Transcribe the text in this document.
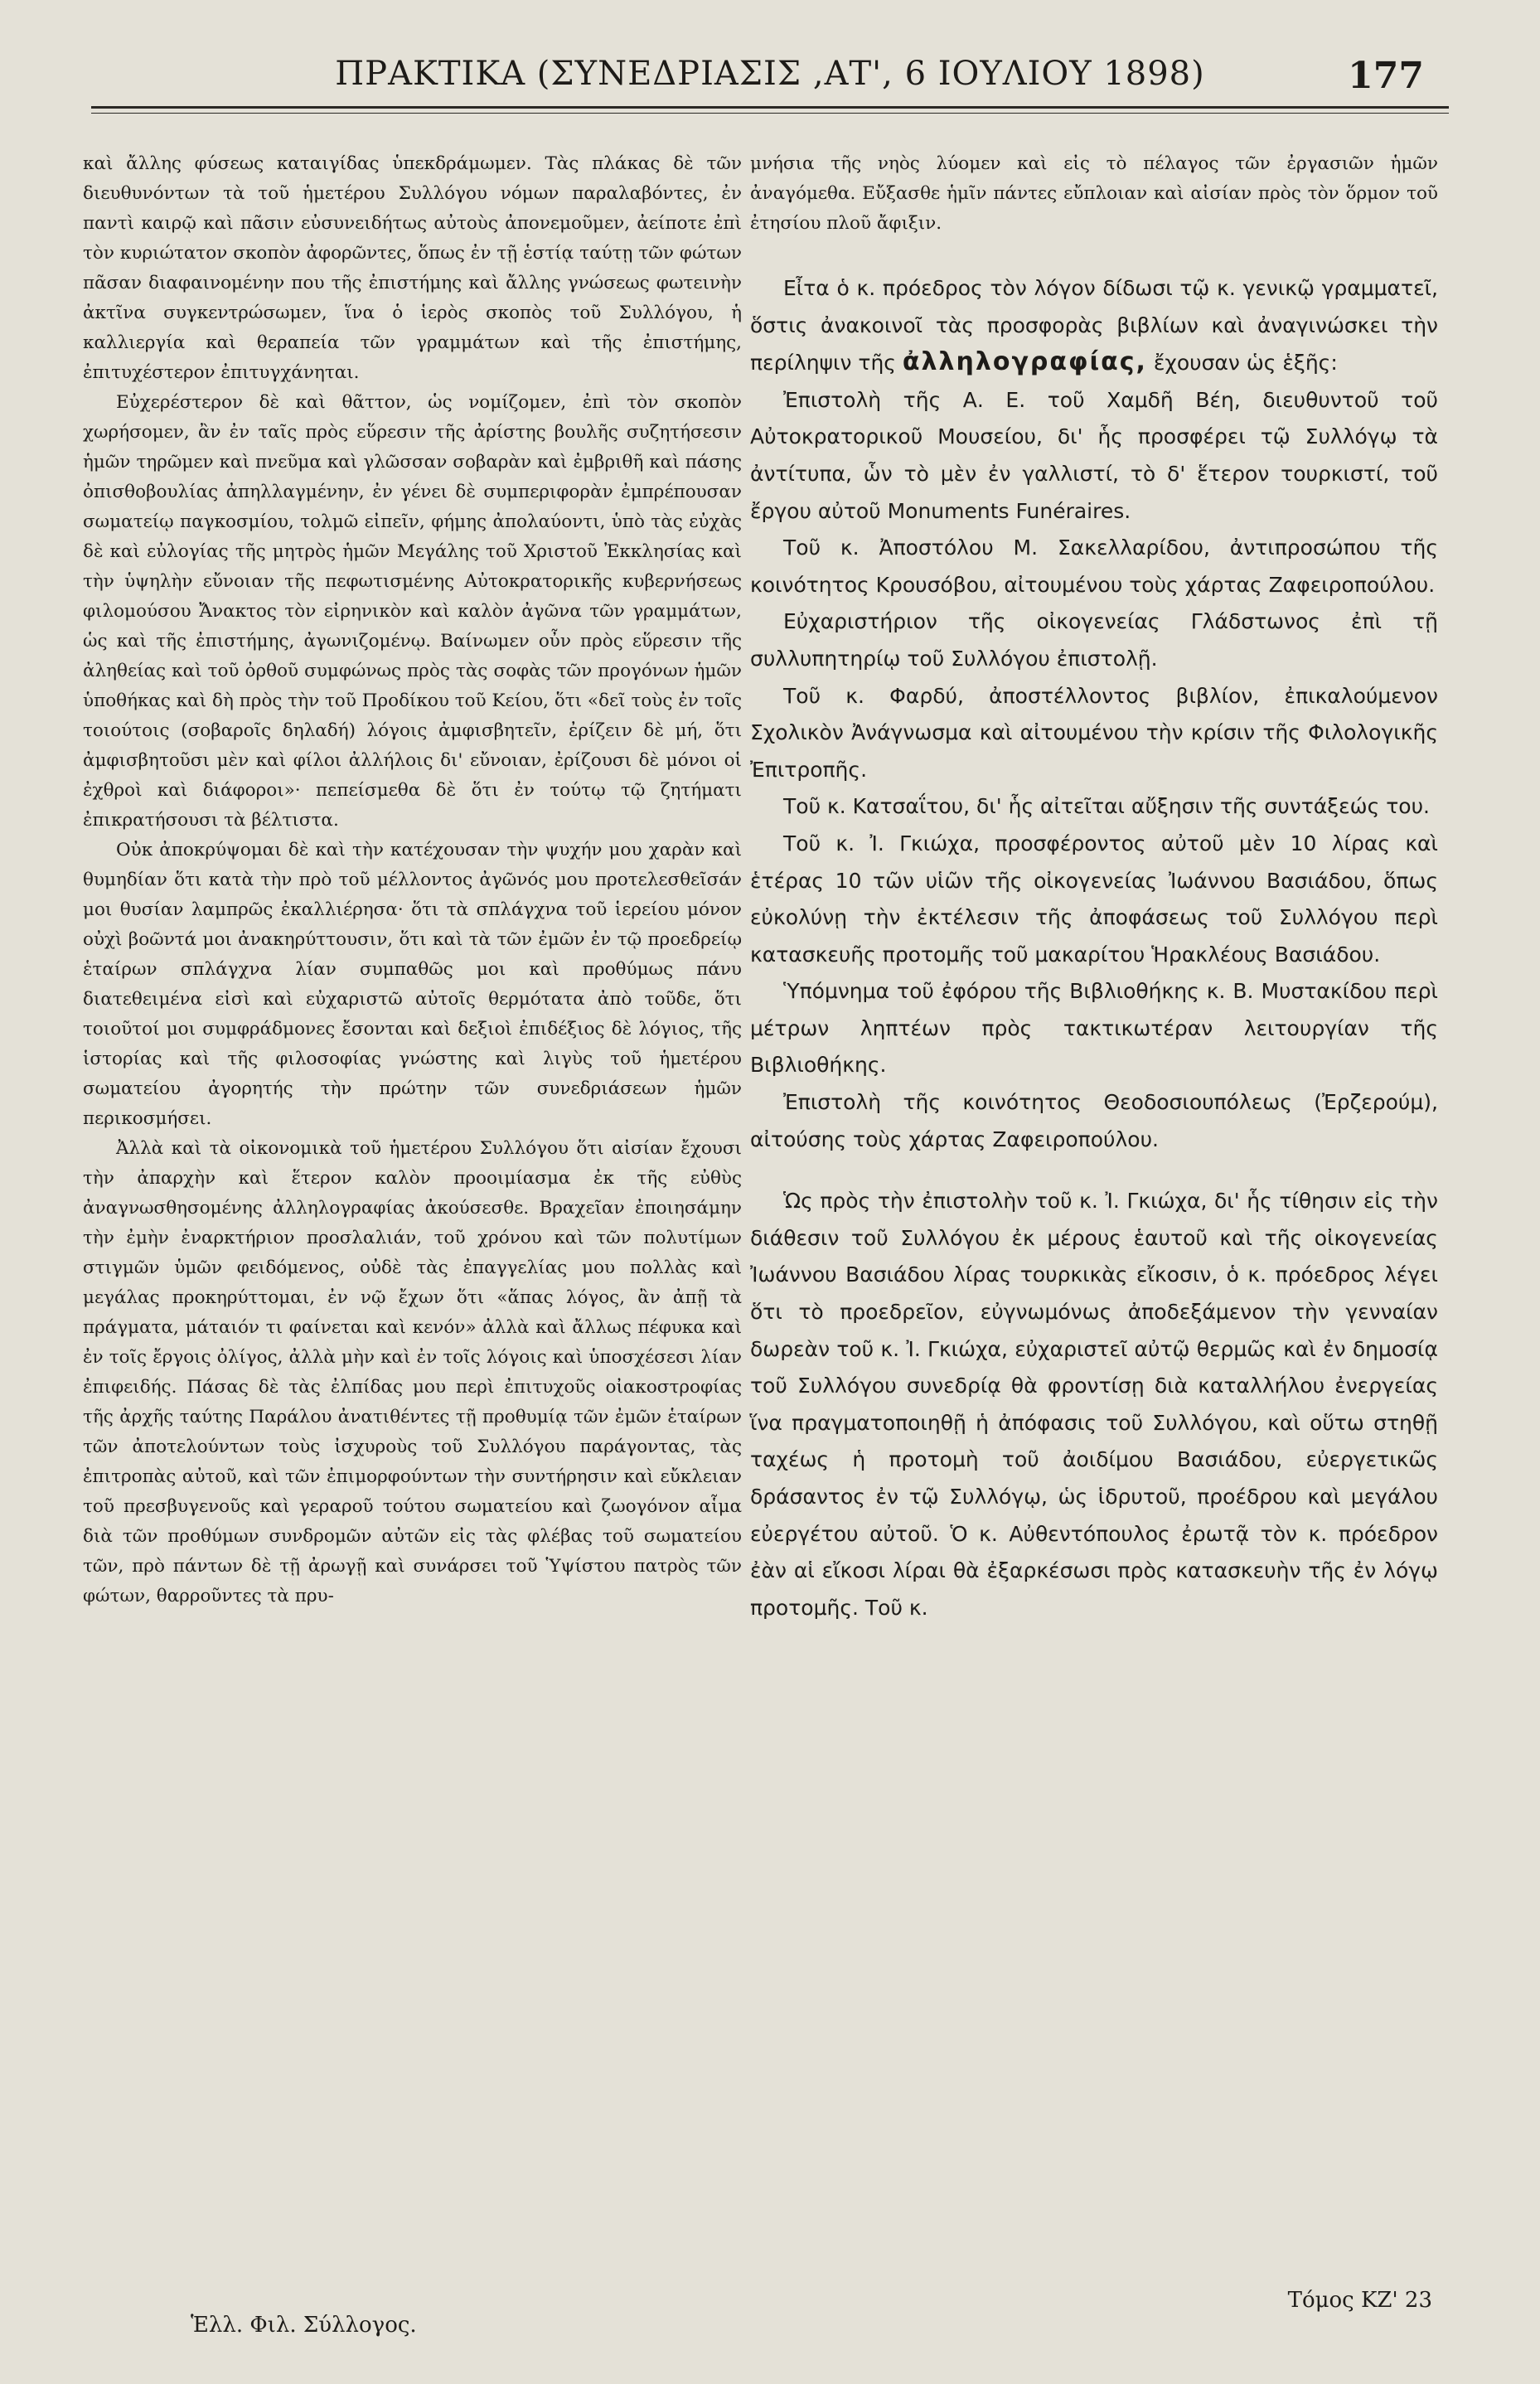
ΠΡΑΚΤΙΚΑ (ΣΥΝΕΔΡΙΑΣΙΣ ,ΑΤ', 6 ΙΟΥΛΙΟΥ 1898)	177

καὶ ἄλλης φύσεως καταιγίδας ὑπεκδράμωμεν. Τὰς πλάκας δὲ τῶν διευθυνόντων τὰ τοῦ ἡμετέρου Συλλόγου νόμων παραλαβόντες, ἐν παντὶ καιρῷ καὶ πᾶσιν εὐσυνειδήτως αὐτοὺς ἀπονεμοῦμεν, ἀείποτε ἐπὶ τὸν κυριώτατον σκοπὸν ἀφορῶντες, ὅπως ἐν τῇ ἑστίᾳ ταύτῃ τῶν φώτων πᾶσαν διαφαινομένην που τῆς ἐπιστήμης καὶ ἄλλης γνώσεως φωτεινὴν ἀκτῖνα συγκεντρώσωμεν, ἵνα ὁ ἱερὸς σκοπὸς τοῦ Συλλόγου, ἡ καλλιεργία καὶ θεραπεία τῶν γραμμάτων καὶ τῆς ἐπιστήμης, ἐπιτυχέστερον ἐπιτυγχάνηται.

Εὐχερέστερον δὲ καὶ θᾶττον, ὡς νομίζομεν, ἐπὶ τὸν σκοπὸν χωρήσομεν, ἂν ἐν ταῖς πρὸς εὕρεσιν τῆς ἀρίστης βουλῆς συζητήσεσιν ἡμῶν τηρῶμεν καὶ πνεῦμα καὶ γλῶσσαν σοβαρὰν καὶ ἐμβριθῆ καὶ πάσης ὀπισθοβουλίας ἀπηλλαγμένην, ἐν γένει δὲ συμπεριφορὰν ἐμπρέπουσαν σωματείῳ παγκοσμίου, τολμῶ εἰπεῖν, φήμης ἀπολαύοντι, ὑπὸ τὰς εὐχὰς δὲ καὶ εὐλογίας τῆς μητρὸς ἡμῶν Μεγάλης τοῦ Χριστοῦ Ἐκκλησίας καὶ τὴν ὑψηλὴν εὔνοιαν τῆς πεφωτισμένης Αὐτοκρατορικῆς κυβερνήσεως φιλομούσου Ἄνακτος τὸν εἰρηνικὸν καὶ καλὸν ἀγῶνα τῶν γραμμάτων, ὡς καὶ τῆς ἐπιστήμης, ἀγωνιζομένῳ. Βαίνωμεν οὖν πρὸς εὕρεσιν τῆς ἀληθείας καὶ τοῦ ὀρθοῦ συμφώνως πρὸς τὰς σοφὰς τῶν προγόνων ἡμῶν ὑποθήκας καὶ δὴ πρὸς τὴν τοῦ Προδίκου τοῦ Κείου, ὅτι «δεῖ τοὺς ἐν τοῖς τοιούτοις (σοβαροῖς δηλαδή) λόγοις ἀμφισβητεῖν, ἐρίζειν δὲ μή, ὅτι ἀμφισβητοῦσι μὲν καὶ φίλοι ἀλλήλοις δι' εὔνοιαν, ἐρίζουσι δὲ μόνοι οἱ ἐχθροὶ καὶ διάφοροι»· πεπείσμεθα δὲ ὅτι ἐν τούτῳ τῷ ζητήματι ἐπικρατήσουσι τὰ βέλτιστα.

Οὐκ ἀποκρύψομαι δὲ καὶ τὴν κατέχουσαν τὴν ψυχήν μου χαρὰν καὶ θυμηδίαν ὅτι κατὰ τὴν πρὸ τοῦ μέλλοντος ἀγῶνός μου προτελεσθεῖσάν μοι θυσίαν λαμπρῶς ἐκαλλιέρησα· ὅτι τὰ σπλάγχνα τοῦ ἱερείου μόνον οὐχὶ βοῶντά μοι ἀνακηρύττουσιν, ὅτι καὶ τὰ τῶν ἐμῶν ἐν τῷ προεδρείῳ ἑταίρων σπλάγχνα λίαν συμπαθῶς μοι καὶ προθύμως πάνυ διατεθειμένα εἰσὶ καὶ εὐχαριστῶ αὐτοῖς θερμότατα ἀπὸ τοῦδε, ὅτι τοιοῦτοί μοι συμφράδμονες ἔσονται καὶ δεξιοὶ ἐπιδέξιος δὲ λόγιος, τῆς ἱστορίας καὶ τῆς φιλοσοφίας γνώστης καὶ λιγὺς τοῦ ἡμετέρου σωματείου ἀγορητής τὴν πρώτην τῶν συνεδριάσεων ἡμῶν περικοσμήσει.

Ἀλλὰ καὶ τὰ οἰκονομικὰ τοῦ ἡμετέρου Συλλόγου ὅτι αἰσίαν ἔχουσι τὴν ἀπαρχὴν καὶ ἕτερον καλὸν προοιμίασμα ἐκ τῆς εὐθὺς ἀναγνωσθησομένης ἀλληλογραφίας ἀκούσεσθε. Βραχεῖαν ἐποιησάμην τὴν ἐμὴν ἐναρκτήριον προσλαλιάν, τοῦ χρόνου καὶ τῶν πολυτίμων στιγμῶν ὑμῶν φειδόμενος, οὐδὲ τὰς ἐπαγγελίας μου πολλὰς καὶ μεγάλας προκηρύττομαι, ἐν νῷ ἔχων ὅτι «ἅπας λόγος, ἂν ἀπῇ τὰ πράγματα, μάταιόν τι φαίνεται καὶ κενόν» ἀλλὰ καὶ ἄλλως πέφυκα καὶ ἐν τοῖς ἔργοις ὀλίγος, ἀλλὰ μὴν καὶ ἐν τοῖς λόγοις καὶ ὑποσχέσεσι λίαν ἐπιφειδής. Πάσας δὲ τὰς ἐλπίδας μου περὶ ἐπιτυχοῦς οἰακοστροφίας τῆς ἀρχῆς ταύτης Παράλου ἀνατιθέντες τῇ προθυμίᾳ τῶν ἐμῶν ἑταίρων τῶν ἀποτελούντων τοὺς ἰσχυροὺς τοῦ Συλλόγου παράγοντας, τὰς ἐπιτροπὰς αὐτοῦ, καὶ τῶν ἐπιμορφούντων τὴν συντήρησιν καὶ εὔκλειαν τοῦ πρεσβυγενοῦς καὶ γεραροῦ τούτου σωματείου καὶ ζωογόνον αἷμα διὰ τῶν προθύμων συνδρομῶν αὐτῶν εἰς τὰς φλέβας τοῦ σωματείου τῶν, πρὸ πάντων δὲ τῇ ἀρωγῇ καὶ συνάρσει τοῦ Ὑψίστου πατρὸς τῶν φώτων, θαρροῦντες τὰ πρυ-

μνήσια τῆς νηὸς λύομεν καὶ εἰς τὸ πέλαγος τῶν ἐργασιῶν ἡμῶν ἀναγόμεθα. Εὔξασθε ἡμῖν πάντες εὔπλοιαν καὶ αἰσίαν πρὸς τὸν ὅρμον τοῦ ἐτησίου πλοῦ ἄφιξιν.

Εἶτα ὁ κ. πρόεδρος τὸν λόγον δίδωσι τῷ κ. γενικῷ γραμματεῖ, ὅστις ἀνακοινοῖ τὰς προσφορὰς βιβλίων καὶ ἀναγινώσκει τὴν περίληψιν τῆς ἀλληλογραφίας, ἔχουσαν ὡς ἑξῆς:

Ἐπιστολὴ τῆς Α. Ε. τοῦ Χαμδῆ Βέη, διευθυντοῦ τοῦ Αὐτοκρατορικοῦ Μουσείου, δι' ἧς προσφέρει τῷ Συλλόγῳ τὰ ἀντίτυπα, ὧν τὸ μὲν ἐν γαλλιστί, τὸ δ' ἕτερον τουρκιστί, τοῦ ἔργου αὐτοῦ Monuments Funéraires.

Τοῦ κ. Ἀποστόλου Μ. Σακελλαρίδου, ἀντιπροσώπου τῆς κοινότητος Κρουσόβου, αἰτουμένου τοὺς χάρτας Ζαφειροπούλου.

Εὐχαριστήριον τῆς οἰκογενείας Γλάδστωνος ἐπὶ τῇ συλλυπητηρίῳ τοῦ Συλλόγου ἐπιστολῇ.

Τοῦ κ. Φαρδύ, ἀποστέλλοντος βιβλίον, ἐπικαλούμενον Σχολικὸν Ἀνάγνωσμα καὶ αἰτουμένου τὴν κρίσιν τῆς Φιλολογικῆς Ἐπιτροπῆς.

Τοῦ κ. Κατσαΐτου, δι' ἧς αἰτεῖται αὔξησιν τῆς συντάξεώς του.

Τοῦ κ. Ἰ. Γκιώχα, προσφέροντος αὐτοῦ μὲν 10 λίρας καὶ ἑτέρας 10 τῶν υἱῶν τῆς οἰκογενείας Ἰωάννου Βασιάδου, ὅπως εὐκολύνῃ τὴν ἐκτέλεσιν τῆς ἀποφάσεως τοῦ Συλλόγου περὶ κατασκευῆς προτομῆς τοῦ μακαρίτου Ἡρακλέους Βασιάδου.

Ὑπόμνημα τοῦ ἐφόρου τῆς Βιβλιοθήκης κ. Β. Μυστακίδου περὶ μέτρων ληπτέων πρὸς τακτικωτέραν λειτουργίαν τῆς Βιβλιοθήκης.

Ἐπιστολὴ τῆς κοινότητος Θεοδοσιουπόλεως (Ἐρζερούμ), αἰτούσης τοὺς χάρτας Ζαφειροπούλου.

Ὡς πρὸς τὴν ἐπιστολὴν τοῦ κ. Ἰ. Γκιώχα, δι' ἧς τίθησιν εἰς τὴν διάθεσιν τοῦ Συλλόγου ἐκ μέρους ἑαυτοῦ καὶ τῆς οἰκογενείας Ἰωάννου Βασιάδου λίρας τουρκικὰς εἴκοσιν, ὁ κ. πρόεδρος λέγει ὅτι τὸ προεδρεῖον, εὐγνωμόνως ἀποδεξάμενον τὴν γενναίαν δωρεὰν τοῦ κ. Ἰ. Γκιώχα, εὐχαριστεῖ αὐτῷ θερμῶς καὶ ἐν δημοσίᾳ τοῦ Συλλόγου συνεδρίᾳ θὰ φροντίσῃ διὰ καταλλήλου ἐνεργείας ἵνα πραγματοποιηθῇ ἡ ἀπόφασις τοῦ Συλλόγου, καὶ οὕτω στηθῇ ταχέως ἡ προτομὴ τοῦ ἀοιδίμου Βασιάδου, εὐεργετικῶς δράσαντος ἐν τῷ Συλλόγῳ, ὡς ἱδρυτοῦ, προέδρου καὶ μεγάλου εὐεργέτου αὐτοῦ. Ὁ κ. Αὐθεντόπουλος ἐρωτᾷ τὸν κ. πρόεδρον ἐὰν αἱ εἴκοσι λίραι θὰ ἐξαρκέσωσι πρὸς κατασκευὴν τῆς ἐν λόγῳ προτομῆς. Τοῦ κ.

Ἑλλ. Φιλ. Σύλλογος.
Τόμος ΚΖ' 23
